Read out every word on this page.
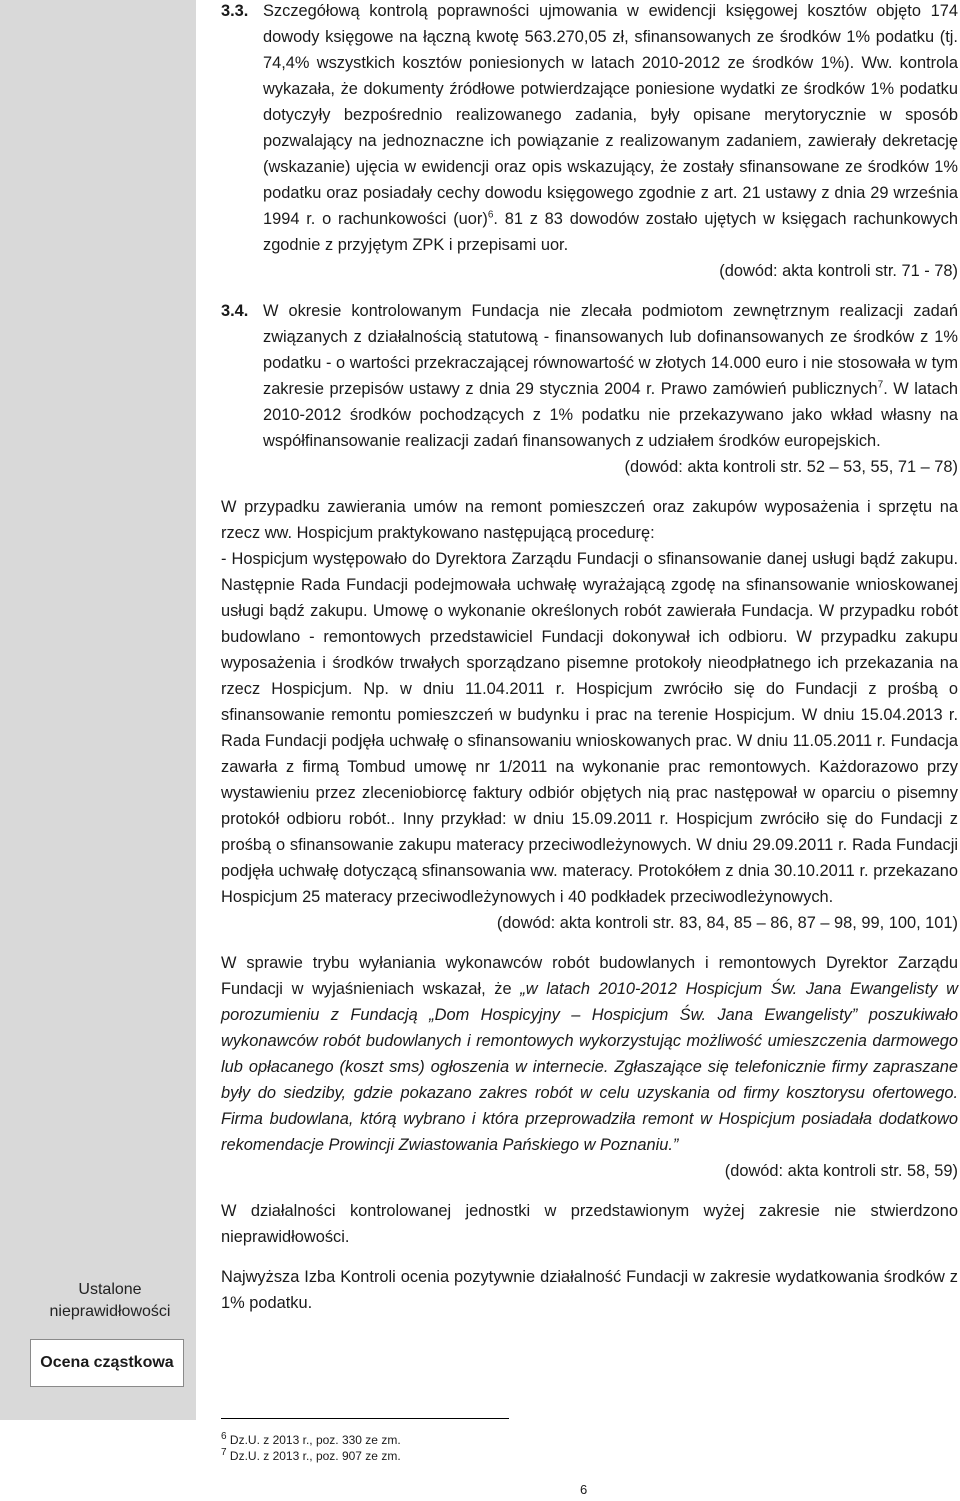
Ustalone
nieprawidłowości
Ocena cząstkowa

3.3. Szczegółową kontrolą poprawności ujmowania w ewidencji księgowej kosztów objęto 174 dowody księgowe na łączną kwotę 563.270,05 zł, sfinansowanych ze środków 1% podatku (tj. 74,4% wszystkich kosztów poniesionych w latach 2010-2012 ze środków 1%). Ww. kontrola wykazała, że dokumenty źródłowe potwierdzające poniesione wydatki ze środków 1% podatku dotyczyły bezpośrednio realizowanego zadania, były opisane merytorycznie w sposób pozwalający na jednoznaczne ich powiązanie z realizowanym zadaniem, zawierały dekretację (wskazanie) ujęcia w ewidencji oraz opis wskazujący, że zostały sfinansowane ze środków 1% podatku oraz posiadały cechy dowodu księgowego zgodnie z art. 21 ustawy z dnia 29 września 1994 r. o rachunkowości (uor)$^6$. 81 z 83 dowodów zostało ujętych w księgach rachunkowych zgodnie z przyjętym ZPK i przepisami uor.

(dowód: akta kontroli str. 71 - 78)

3.4. W okresie kontrolowanym Fundacja nie zlecała podmiotom zewnętrznym realizacji zadań związanych z działalnością statutową - finansowanych lub dofinansowanych ze środków z 1% podatku - o wartości przekraczającej równowartość w złotych 14.000 euro i nie stosowała w tym zakresie przepisów ustawy z dnia 29 stycznia 2004 r. Prawo zamówień publicznych$^7$. W latach 2010-2012 środków pochodzących z 1% podatku nie przekazywano jako wkład własny na współfinansowanie realizacji zadań finansowanych z udziałem środków europejskich.

(dowód: akta kontroli str. 52 – 53, 55, 71 – 78)

W przypadku zawierania umów na remont pomieszczeń oraz zakupów wyposażenia i sprzętu na rzecz ww. Hospicjum praktykowano następującą procedurę:

- Hospicjum występowało do Dyrektora Zarządu Fundacji o sfinansowanie danej usługi bądź zakupu. Następnie Rada Fundacji podejmowała uchwałę wyrażającą zgodę na sfinansowanie wnioskowanej usługi bądź zakupu. Umowę o wykonanie określonych robót zawierała Fundacja. W przypadku robót budowlano - remontowych przedstawiciel Fundacji dokonywał ich odbioru. W przypadku zakupu wyposażenia i środków trwałych sporządzano pisemne protokoły nieodpłatnego ich przekazania na rzecz Hospicjum. Np. w dniu 11.04.2011 r. Hospicjum zwróciło się do Fundacji z prośbą o sfinansowanie remontu pomieszczeń w budynku i prac na terenie Hospicjum. W dniu 15.04.2013 r. Rada Fundacji podjęła uchwałę o sfinansowaniu wnioskowanych prac. W dniu 11.05.2011 r. Fundacja zawarła z firmą Tombud umowę nr 1/2011 na wykonanie prac remontowych. Każdorazowo przy wystawieniu przez zleceniobiorcę faktury odbiór objętych nią prac następował w oparciu o pisemny protokół odbioru robót.. Inny przykład: w dniu 15.09.2011 r. Hospicjum zwróciło się do Fundacji z prośbą o sfinansowanie zakupu materacy przeciwodleżynowych. W dniu 29.09.2011 r. Rada Fundacji podjęła uchwałę dotyczącą sfinansowania ww. materacy. Protokółem z dnia 30.10.2011 r. przekazano Hospicjum 25 materacy przeciwodleżynowych i 40 podkładek przeciwodleżynowych.

(dowód: akta kontroli str. 83, 84, 85 – 86, 87 – 98, 99, 100, 101)

W sprawie trybu wyłaniania wykonawców robót budowlanych i remontowych Dyrektor Zarządu Fundacji w wyjaśnieniach wskazał, że „w latach 2010-2012 Hospicjum Św. Jana Ewangelisty w porozumieniu z Fundacją „Dom Hospicyjny – Hospicjum Św. Jana Ewangelisty” poszukiwało wykonawców robót budowlanych i remontowych wykorzystując możliwość umieszczenia darmowego lub opłacanego (koszt sms) ogłoszenia w internecie. Zgłaszające się telefonicznie firmy zapraszane były do siedziby, gdzie pokazano zakres robót w celu uzyskania od firmy kosztorysu ofertowego. Firma budowlana, którą wybrano i która przeprowadziła remont w Hospicjum posiadała dodatkowo rekomendacje Prowincji Zwiastowania Pańskiego w Poznaniu.”

(dowód: akta kontroli str. 58, 59)

W działalności kontrolowanej jednostki w przedstawionym wyżej zakresie nie stwierdzono nieprawidłowości.

Najwyższa Izba Kontroli ocenia pozytywnie działalność Fundacji w zakresie wydatkowania środków z 1% podatku.

$^6$ Dz.U. z 2013 r., poz. 330 ze zm.
$^7$ Dz.U. z 2013 r., poz. 907 ze zm.
6
